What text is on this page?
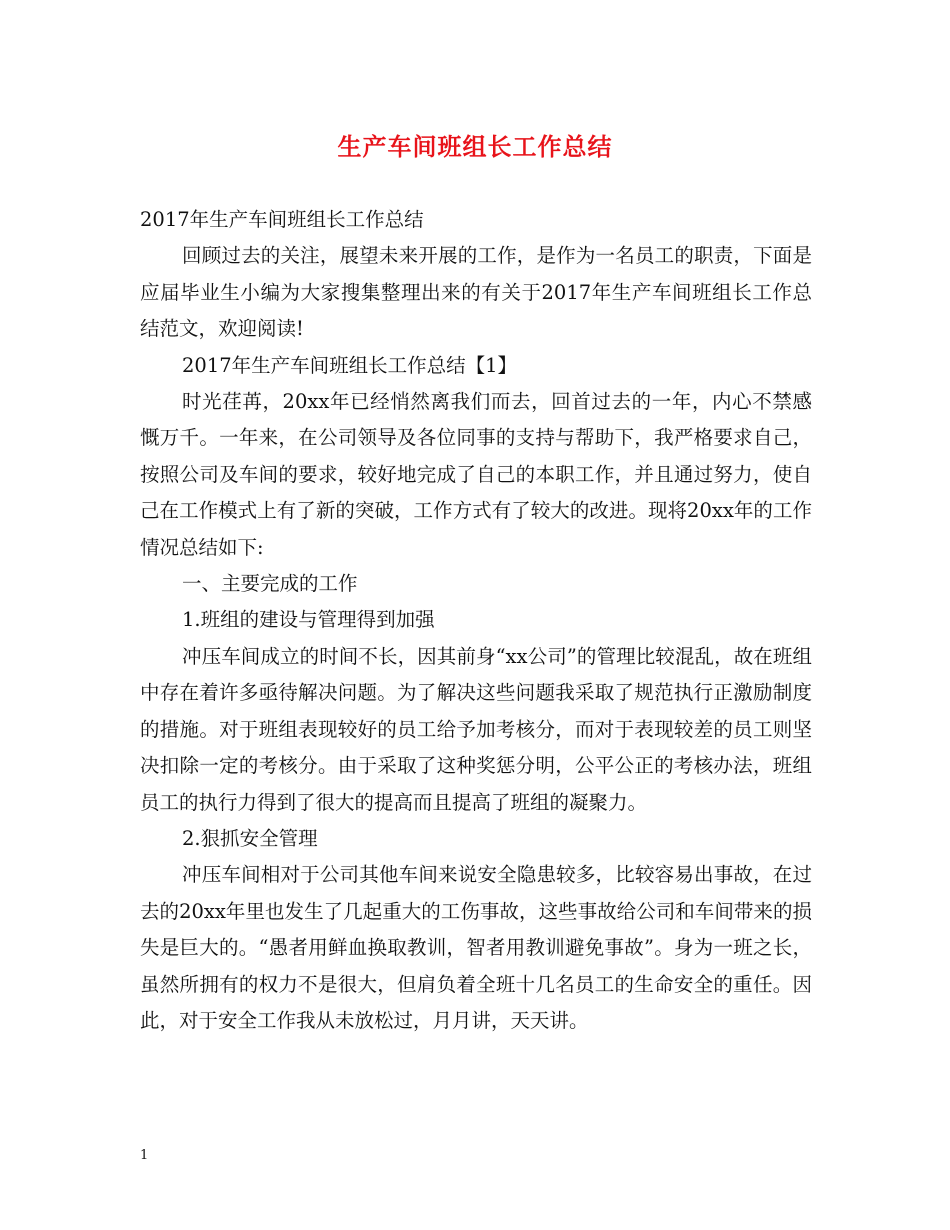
生产车间班组长工作总结

2017年生产车间班组长工作总结

回顾过去的关注，展望未来开展的工作，是作为一名员工的职责，下面是应届毕业生小编为大家搜集整理出来的有关于2017年生产车间班组长工作总结范文，欢迎阅读!

2017年生产车间班组长工作总结【1】

时光荏苒，20xx年已经悄然离我们而去，回首过去的一年，内心不禁感慨万千。一年来，在公司领导及各位同事的支持与帮助下，我严格要求自己，按照公司及车间的要求，较好地完成了自己的本职工作，并且通过努力，使自己在工作模式上有了新的突破，工作方式有了较大的改进。现将20xx年的工作情况总结如下:

一、主要完成的工作

1.班组的建设与管理得到加强

冲压车间成立的时间不长，因其前身“xx公司”的管理比较混乱，故在班组中存在着许多亟待解决问题。为了解决这些问题我采取了规范执行正激励制度的措施。对于班组表现较好的员工给予加考核分，而对于表现较差的员工则坚决扣除一定的考核分。由于采取了这种奖惩分明，公平公正的考核办法，班组员工的执行力得到了很大的提高而且提高了班组的凝聚力。

2.狠抓安全管理

冲压车间相对于公司其他车间来说安全隐患较多，比较容易出事故，在过去的20xx年里也发生了几起重大的工伤事故，这些事故给公司和车间带来的损失是巨大的。“愚者用鲜血换取教训，智者用教训避免事故”。身为一班之长，虽然所拥有的权力不是很大，但肩负着全班十几名员工的生命安全的重任。因此，对于安全工作我从未放松过，月月讲，天天讲。

1
